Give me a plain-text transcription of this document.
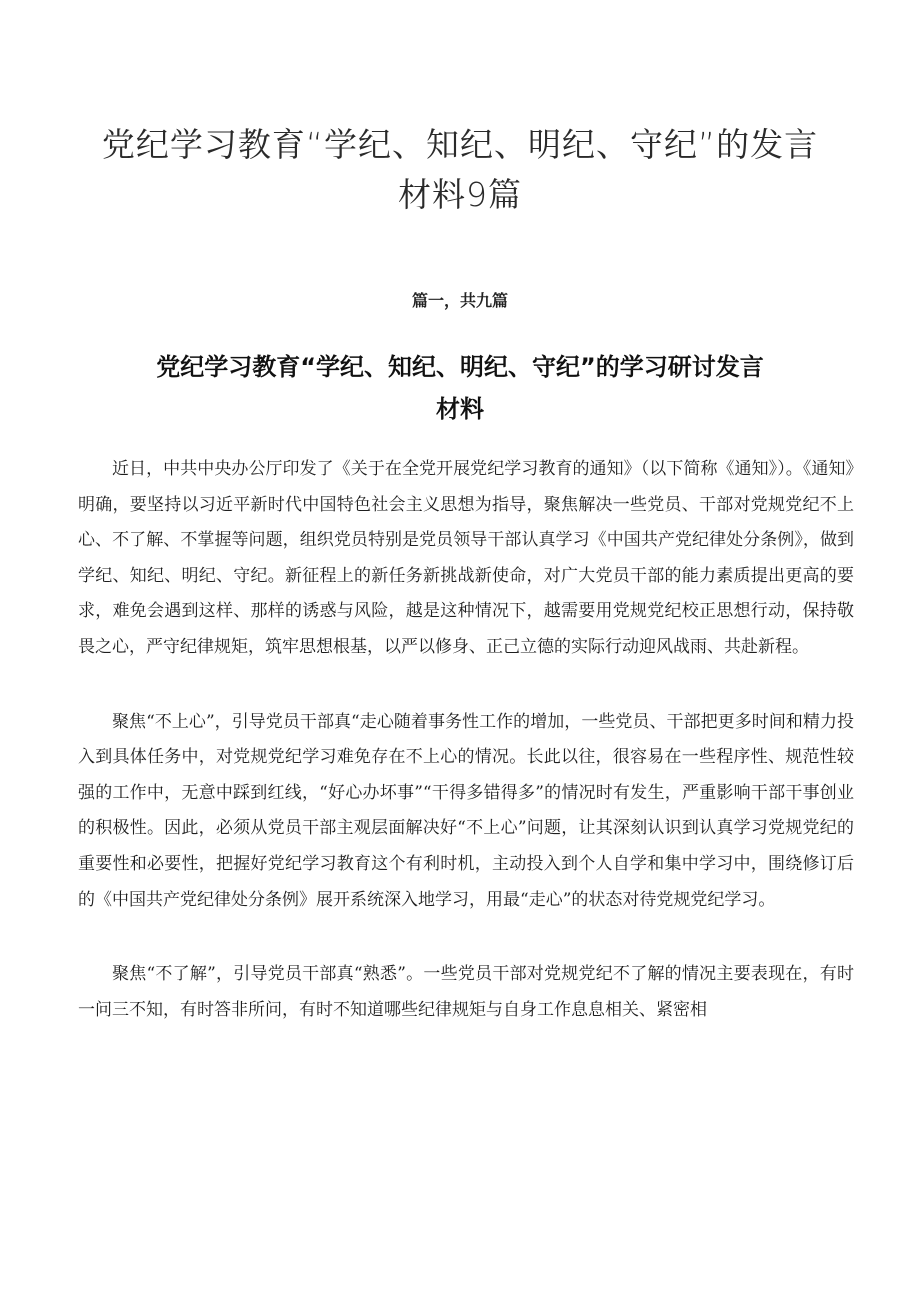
党纪学习教育“学纪、知纪、明纪、守纪”的发言
材料9篇
篇一，共九篇
党纪学习教育“学纪、知纪、明纪、守纪”的学习研讨发言
材料

近日，中共中央办公厅印发了《关于在全党开展党纪学习教育的通知》（以下简称《通知》）。《通知》明确，要坚持以习近平新时代中国特色社会主义思想为指导，聚焦解决一些党员、干部对党规党纪不上心、不了解、不掌握等问题，组织党员特别是党员领导干部认真学习《中国共产党纪律处分条例》，做到学纪、知纪、明纪、守纪。新征程上的新任务新挑战新使命，对广大党员干部的能力素质提出更高的要求，难免会遇到这样、那样的诱惑与风险，越是这种情况下，越需要用党规党纪校正思想行动，保持敬畏之心，严守纪律规矩，筑牢思想根基，以严以修身、正己立德的实际行动迎风战雨、共赴新程。

聚焦“不上心”，引导党员干部真“走心随着事务性工作的增加，一些党员、干部把更多时间和精力投入到具体任务中，对党规党纪学习难免存在不上心的情况。长此以往，很容易在一些程序性、规范性较强的工作中，无意中踩到红线，“好心办坏事”“干得多错得多”的情况时有发生，严重影响干部干事创业的积极性。因此，必须从党员干部主观层面解决好“不上心”问题，让其深刻认识到认真学习党规党纪的重要性和必要性，把握好党纪学习教育这个有利时机，主动投入到个人自学和集中学习中，围绕修订后的《中国共产党纪律处分条例》展开系统深入地学习，用最“走心”的状态对待党规党纪学习。

聚焦“不了解”，引导党员干部真“熟悉”。一些党员干部对党规党纪不了解的情况主要表现在，有时一问三不知，有时答非所问，有时不知道哪些纪律规矩与自身工作息息相关、紧密相
